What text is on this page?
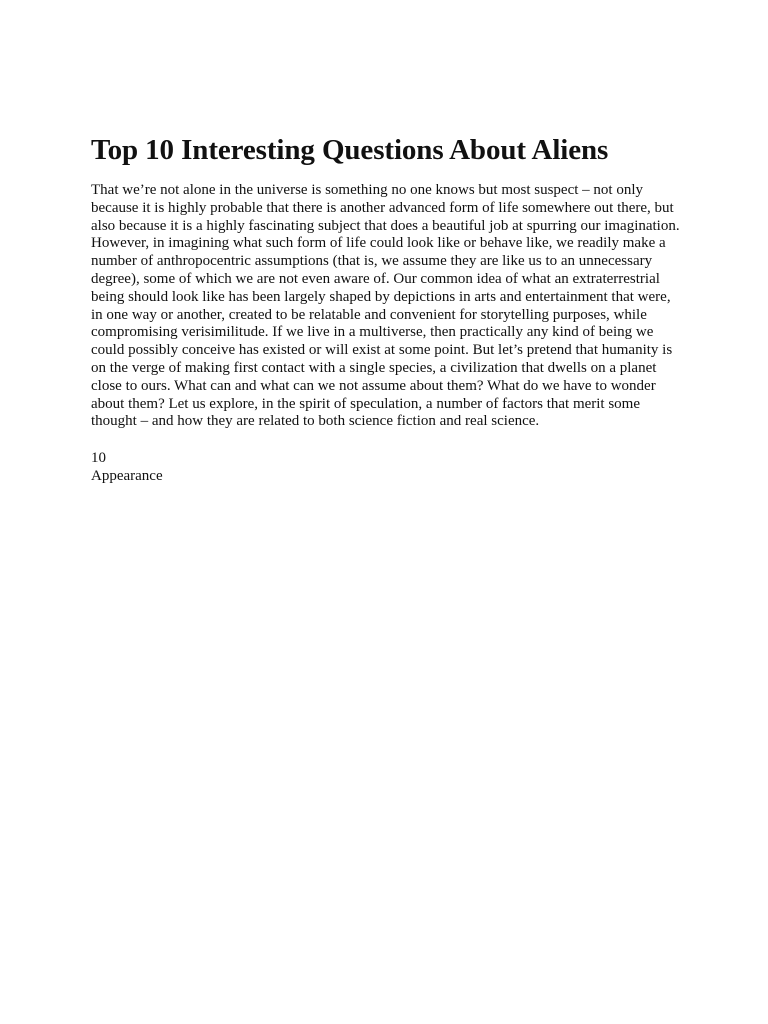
Top 10 Interesting Questions About Aliens

That we’re not alone in the universe is something no one knows but most suspect – not only because it is highly probable that there is another advanced form of life somewhere out there, but also because it is a highly fascinating subject that does a beautiful job at spurring our imagination. However, in imagining what such form of life could look like or behave like, we readily make a number of anthropocentric assumptions (that is, we assume they are like us to an unnecessary degree), some of which we are not even aware of. Our common idea of what an extraterrestrial being should look like has been largely shaped by depictions in arts and entertainment that were, in one way or another, created to be relatable and convenient for storytelling purposes, while compromising verisimilitude. If we live in a multiverse, then practically any kind of being we could possibly conceive has existed or will exist at some point. But let’s pretend that humanity is on the verge of making first contact with a single species, a civilization that dwells on a planet close to ours. What can and what can we not assume about them? What do we have to wonder about them? Let us explore, in the spirit of speculation, a number of factors that merit some thought – and how they are related to both science fiction and real science.

10
Appearance
